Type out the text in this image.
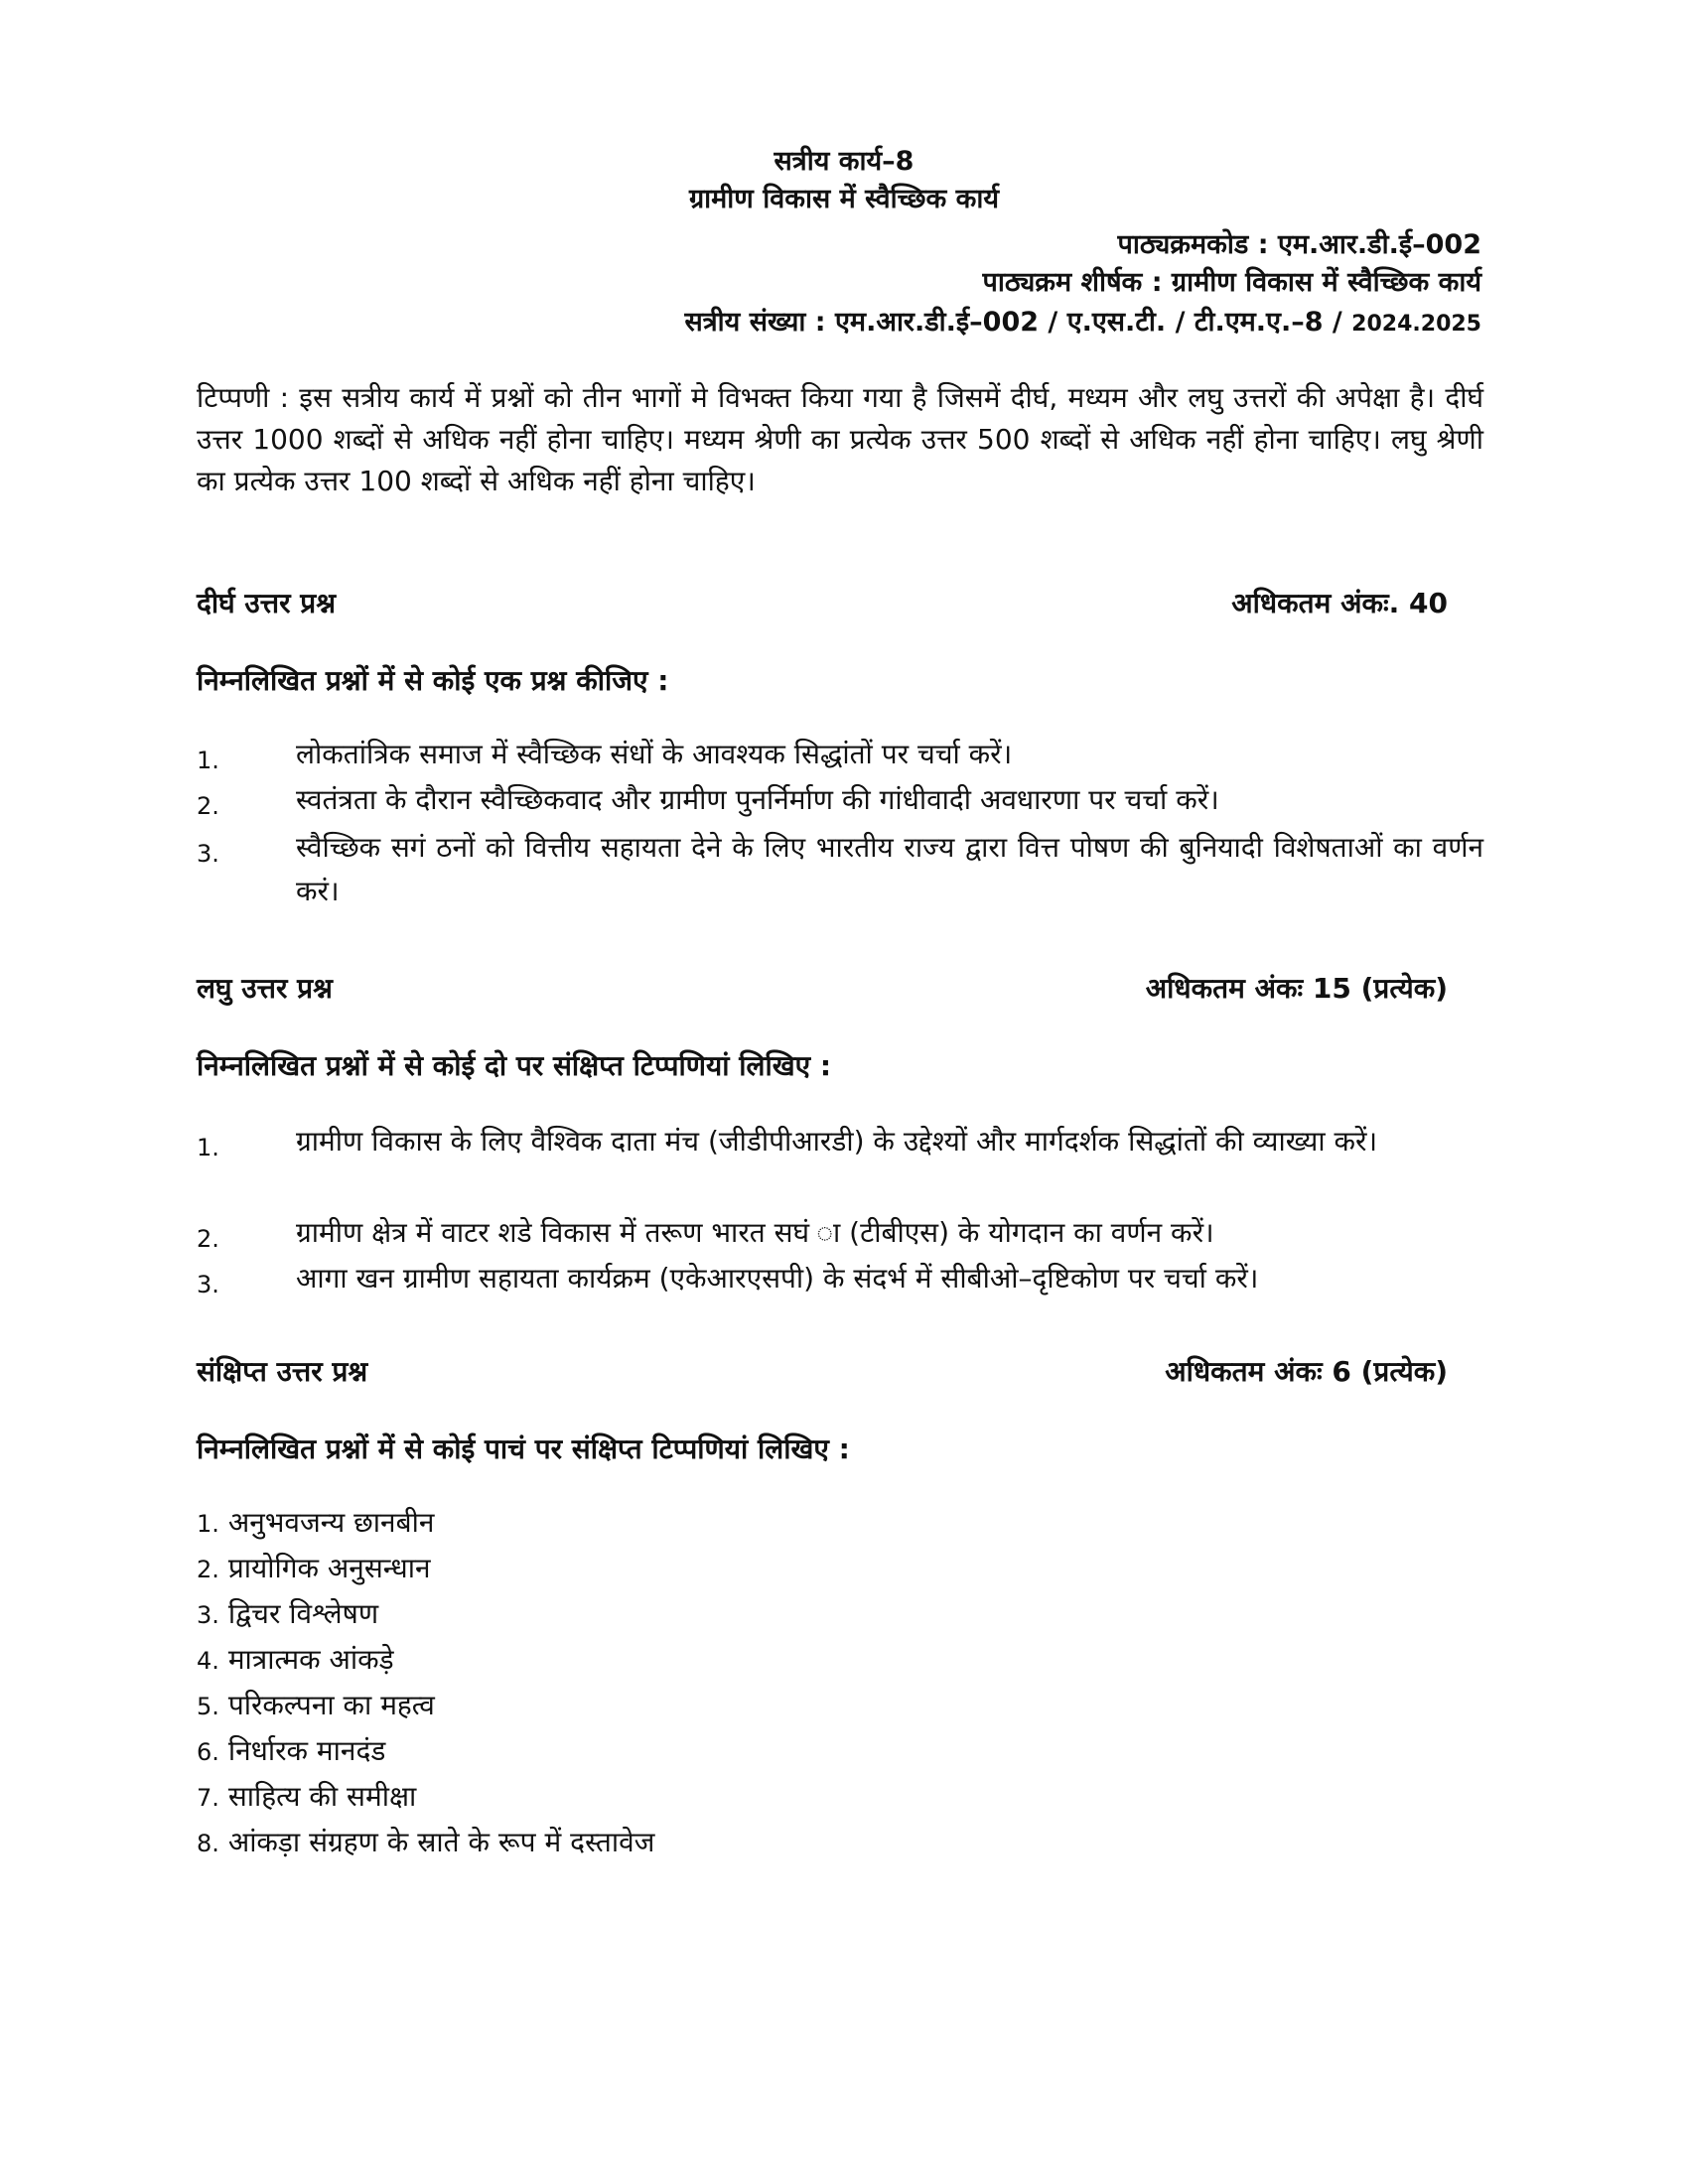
सत्रीय कार्य–8
ग्रामीण विकास में स्वैच्छिक कार्य
पाठ्यक्रमकोड : एम.आर.डी.ई–002
पाठ्यक्रम शीर्षक : ग्रामीण विकास में स्वैच्छिक कार्य
सत्रीय संख्या : एम.आर.डी.ई–002 / ए.एस.टी. / टी.एम.ए.–8 / 2024.2025
टिप्पणी : इस सत्रीय कार्य में प्रश्नों को तीन भागों मे विभक्त किया गया है जिसमें दीर्घ, मध्यम और लघु उत्तरों की अपेक्षा है। दीर्घ उत्तर 1000 शब्दों से अधिक नहीं होना चाहिए। मध्यम श्रेणी का प्रत्येक उत्तर 500 शब्दों से अधिक नहीं होना चाहिए। लघु श्रेणी का प्रत्येक उत्तर 100 शब्दों से अधिक नहीं होना चाहिए।
दीर्घ उत्तर प्रश्न	अधिकतम अंकः. 40
निम्नलिखित प्रश्नों में से कोई एक प्रश्न कीजिए :
1.	लोकतांत्रिक समाज में स्वैच्छिक संधों के आवश्यक सिद्धांतों पर चर्चा करें।
2.	स्वतंत्रता के दौरान स्वैच्छिकवाद और ग्रामीण पुनर्निर्माण की गांधीवादी अवधारणा पर चर्चा करें।
3.	स्वैच्छिक सगं ठनों को वित्तीय सहायता देने के लिए भारतीय राज्य द्वारा वित्त पाेषण की बुनियादी विशेषताओं का वर्णन करं।
लघु उत्तर प्रश्न	अधिकतम अंकः 15 (प्रत्येक)
निम्नलिखित प्रश्नों में से कोई दो पर संक्षिप्त टिप्पणियां लिखिए :
1.	ग्रामीण विकास के लिए वैश्विक दाता मंच (जीडीपीआरडी) के उद्देश्यों और मार्गदर्शक सिद्धांतों की व्याख्या करें।
2.	ग्रामीण क्षेत्र में वाटर शडे विकास में तरूण भारत सघं ा (टीबीएस) के योगदान का वर्णन करें।
3.	आगा खन ग्रामीण सहायता कार्यक्रम (एकेआरएसपी) के संदर्भ में सीबीओ–दृष्टिकोण पर चर्चा करें।
संक्षिप्त उत्तर प्रश्न	अधिकतम अंकः 6 (प्रत्येक)
निम्नलिखित प्रश्नों में से कोई पाचं पर संक्षिप्त टिप्पणियां लिखिए :
1. अनुभवजन्य छानबीन
2. प्रायोगिक अनुसन्धान
3. द्विचर विश्लेषण
4. मात्रात्मक आंकड़े
5. परिकल्पना का महत्व
6. निर्धारक मानदंड
7. साहित्य की समीक्षा
8. आंकड़ा संग्रहण के स्रातेे के रूप में दस्तावेज
